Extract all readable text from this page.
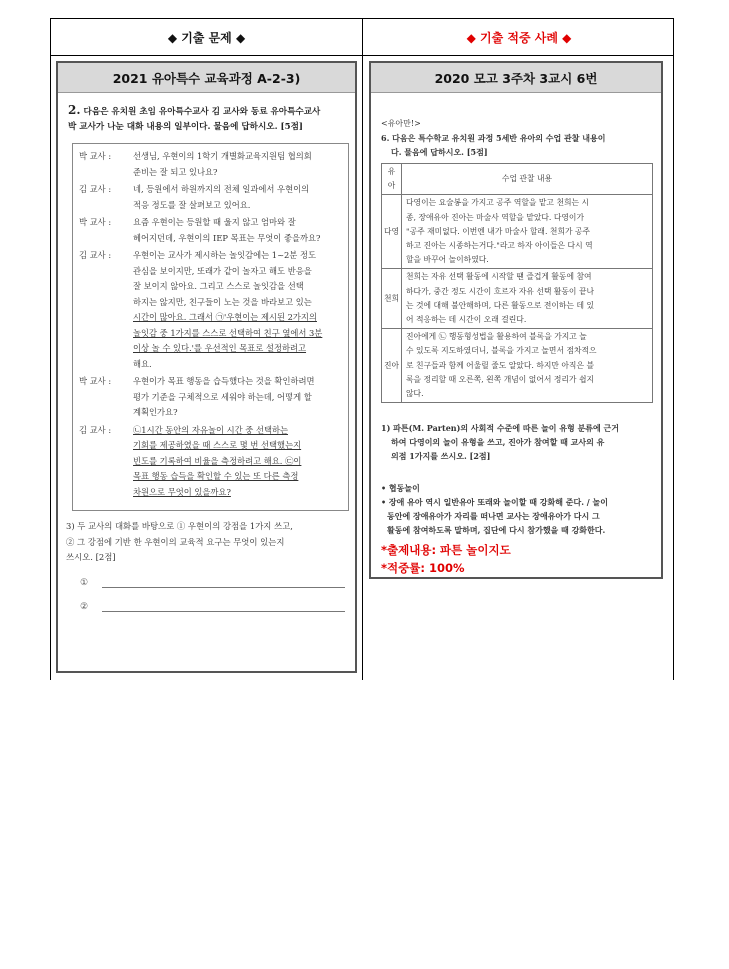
◆ 기출 문제 ◆	◆ 기출 적중 사례 ◆
2021 유아특수 교육과정 A-2-3)
2. 다음은 유치원 초임 유아특수교사 김 교사와 동료 유아특수교사
박 교사가 나눈 대화 내용의 일부이다. 물음에 답하시오. [5점]
박 교사 :	선생님, 우현이의 1학기 개별화교육지원팀 협의회
준비는 잘 되고 있나요?
김 교사 :	네, 등원에서 하원까지의 전체 일과에서 우현이의
적응 정도를 잘 살펴보고 있어요.
박 교사 :	요즘 우현이는 등원할 때 울지 않고 엄마와 잘
헤어지던데, 우현이의 IEP 목표는 무엇이 좋을까요?
김 교사 :	우현이는 교사가 제시하는 놀잇감에는 1~2분 정도
관심을 보이지만, 또래가 같이 놀자고 해도 반응을
잘 보이지 않아요. 그리고 스스로 놀잇감을 선택
하지는 않지만, 친구들이 노는 것을 바라보고 있는
시간이 많아요. 그래서 ㉠'우현이는 제시된 2가지의
놀잇감 중 1가지를 스스로 선택하여 친구 옆에서 3분
이상 놀 수 있다.'를 우선적인 목표로 설정하려고
해요.
박 교사 :	우현이가 목표 행동을 습득했다는 것을 확인하려면
평가 기준을 구체적으로 세워야 하는데, 어떻게 할
계획인가요?
김 교사 :	㉡1시간 동안의 자유놀이 시간 중 선택하는
기회를 제공하였을 때 스스로 몇 번 선택했는지
빈도를 기록하여 비율을 측정하려고 해요. ㉢이
목표 행동 습득을 확인할 수 있는 또 다른 측정
차원으로 무엇이 있을까요?
3) 두 교사의 대화를 바탕으로 ① 우현이의 강점을 1가지 쓰고,
② 그 강점에 기반 한 우현이의 교육적 요구는 무엇이 있는지
쓰시오. [2점]
①
②
2020 모고 3주차 3교시 6번
<유아만!>
6. 다음은 특수학교 유치원 과정 5세반 유아의 수업 관찰 내용이
다. 물음에 답하시오. [5점]
유아	수업 관찰 내용
다영	다영이는 요술봉을 가지고 공주 역할을 맡고 천희는 시
종, 장애유아 진아는 마술사 역할을 맡았다. 다영이가
"공주 재미없다. 이번엔 내가 마술사 할래. 천희가 공주
하고 진아는 시종하는거다."라고 하자 아이들은 다시 역
할을 바꾸어 놀이하였다.

천희	천희는 자유 선택 활동에 시작할 땐 즐겁게 활동에 참여
하다가, 중간 정도 시간이 흐르자 자유 선택 활동이 끝나
는 것에 대해 불안해하며, 다른 활동으로 전이하는 데 있
어 적응하는 데 시간이 오래 걸린다.

진아	진아에게 ㉡ 행동형성법을 활용하여 블록을 가지고 놀
수 있도록 지도하였더니, 블록을 가지고 놀면서 점차적으
로 친구들과 함께 어울릴 줄도 알았다. 하지만 아직은 블
록을 정리할 때 오른쪽, 왼쪽 개념이 없어서 정리가 쉽지
않다.
1) 파튼(M. Parten)의 사회적 수준에 따른 놀이 유형 분류에 근거
하여 다영이의 놀이 유형을 쓰고, 진아가 참여할 때 교사의 유
의점 1가지를 쓰시오. [2점]
• 협동놀이
• 장애 유아 역시 일반유아 또래와 놀이할 때 강화해 준다. / 놀이
동안에 장애유아가 자리를 떠나면 교사는 장애유아가 다시 그
활동에 참여하도록 말하며, 집단에 다시 참가했을 때 강화한다.
*출제내용: 파튼 놀이지도
*적중률: 100%
